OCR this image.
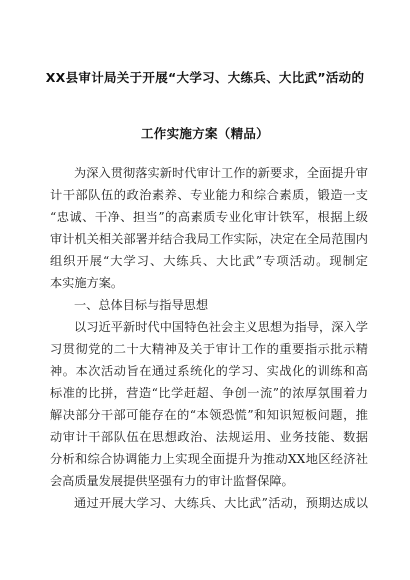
XX县审计局关于开展“大学习、大练兵、大比武”活动的
工作实施方案（精品）
为深入贯彻落实新时代审计工作的新要求，全面提升审
计干部队伍的政治素养、专业能力和综合素质，锻造一支
“忠诚、干净、担当”的高素质专业化审计铁军，根据上级
审计机关相关部署并结合我局工作实际，决定在全局范围内
组织开展“大学习、大练兵、大比武”专项活动。现制定
本实施方案。
一、总体目标与指导思想
以习近平新时代中国特色社会主义思想为指导，深入学
习贯彻党的二十大精神及关于审计工作的重要指示批示精
神。本次活动旨在通过系统化的学习、实战化的训练和高
标准的比拼，营造“比学赶超、争创一流”的浓厚氛围着力
解决部分干部可能存在的“本领恐慌”和知识短板问题，推
动审计干部队伍在思想政治、法规运用、业务技能、数据
分析和综合协调能力上实现全面提升为推动XX地区经济社
会高质量发展提供坚强有力的审计监督保障。
通过开展大学习、大练兵、大比武”活动，预期达成以
